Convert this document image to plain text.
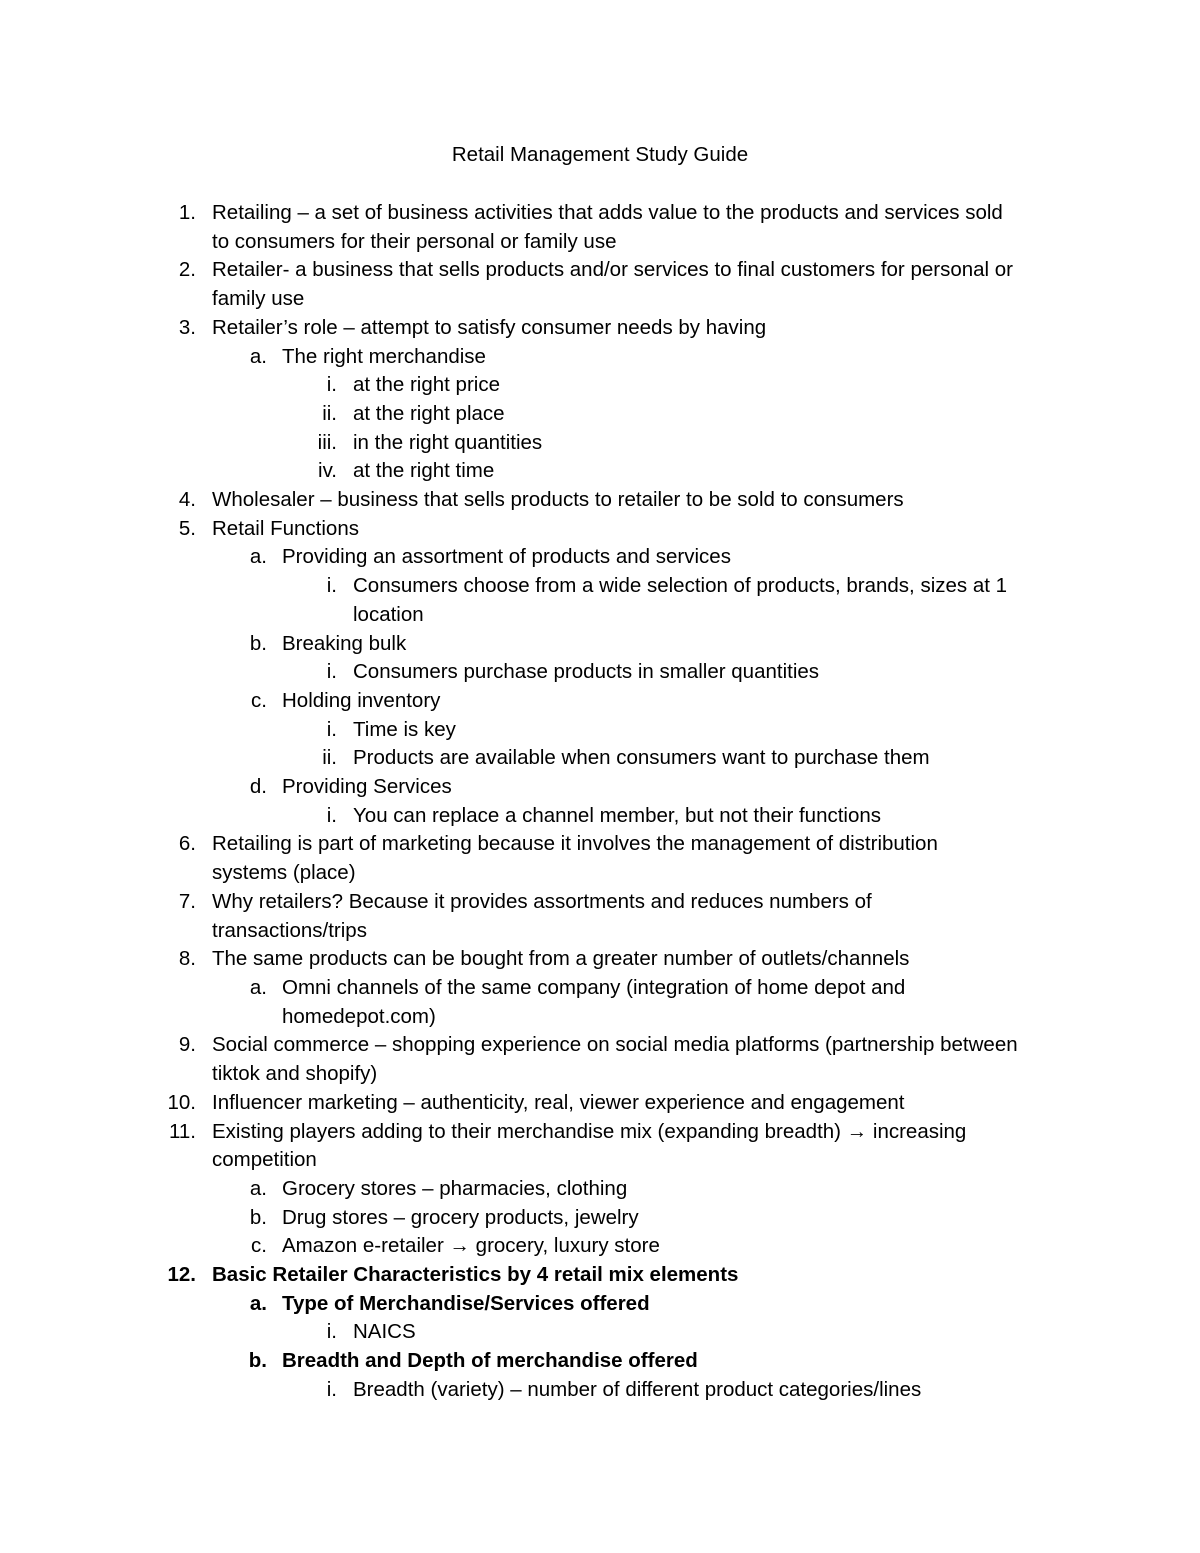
Retail Management Study Guide
1. Retailing – a set of business activities that adds value to the products and services sold
to consumers for their personal or family use
2. Retailer- a business that sells products and/or services to final customers for personal or
family use
3. Retailer’s role – attempt to satisfy consumer needs by having
a. The right merchandise
i. at the right price
ii. at the right place
iii. in the right quantities
iv. at the right time
4. Wholesaler – business that sells products to retailer to be sold to consumers
5. Retail Functions
a. Providing an assortment of products and services
i. Consumers choose from a wide selection of products, brands, sizes at 1
location
b. Breaking bulk
i. Consumers purchase products in smaller quantities
c. Holding inventory
i. Time is key
ii. Products are available when consumers want to purchase them
d. Providing Services
i. You can replace a channel member, but not their functions
6. Retailing is part of marketing because it involves the management of distribution
systems (place)
7. Why retailers? Because it provides assortments and reduces numbers of
transactions/trips
8. The same products can be bought from a greater number of outlets/channels
a. Omni channels of the same company (integration of home depot and
homedepot.com)
9. Social commerce – shopping experience on social media platforms (partnership between
tiktok and shopify)
10. Influencer marketing – authenticity, real, viewer experience and engagement
11. Existing players adding to their merchandise mix (expanding breadth) → increasing
competition
a. Grocery stores – pharmacies, clothing
b. Drug stores – grocery products, jewelry
c. Amazon e-retailer → grocery, luxury store
12. Basic Retailer Characteristics by 4 retail mix elements
a. Type of Merchandise/Services offered
i. NAICS
b. Breadth and Depth of merchandise offered
i. Breadth (variety) – number of different product categories/lines
